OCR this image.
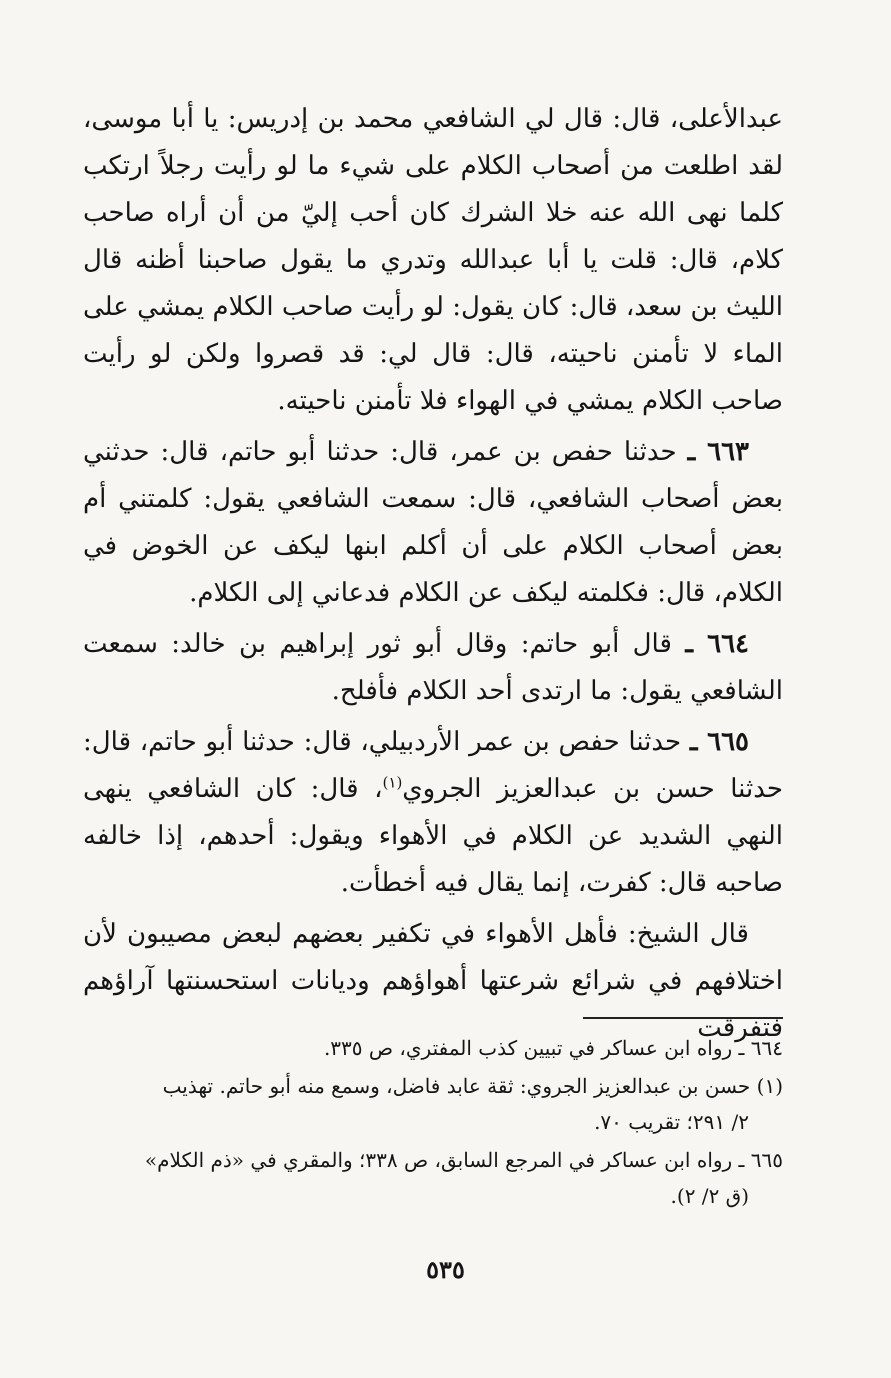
عبدالأعلى، قال: قال لي الشافعي محمد بن إدريس: يا أبا موسى، لقد اطلعت من أصحاب الكلام على شيء ما لو رأيت رجلاً ارتكب كلما نهى الله عنه خلا الشرك كان أحب إليّ من أن أراه صاحب كلام، قال: قلت يا أبا عبدالله وتدري ما يقول صاحبنا أظنه قال الليث بن سعد، قال: كان يقول: لو رأيت صاحب الكلام يمشي على الماء لا تأمنن ناحيته، قال: قال لي: قد قصروا ولكن لو رأيت صاحب الكلام يمشي في الهواء فلا تأمنن ناحيته.

٦٦٣ ـ حدثنا حفص بن عمر، قال: حدثنا أبو حاتم، قال: حدثني بعض أصحاب الشافعي، قال: سمعت الشافعي يقول: كلمتني أم بعض أصحاب الكلام على أن أكلم ابنها ليكف عن الخوض في الكلام، قال: فكلمته ليكف عن الكلام فدعاني إلى الكلام.

٦٦٤ ـ قال أبو حاتم: وقال أبو ثور إبراهيم بن خالد: سمعت الشافعي يقول: ما ارتدى أحد الكلام فأفلح.

٦٦٥ ـ حدثنا حفص بن عمر الأردبيلي، قال: حدثنا أبو حاتم، قال: حدثنا حسن بن عبدالعزيز الجروي$^{(١)}$، قال: كان الشافعي ينهى النهي الشديد عن الكلام في الأهواء ويقول: أحدهم، إذا خالفه صاحبه قال: كفرت، إنما يقال فيه أخطأت.

قال الشيخ: فأهل الأهواء في تكفير بعضهم لبعض مصيبون لأن اختلافهم في شرائع شرعتها أهواؤهم وديانات استحسنتها آراؤهم فتفرقت

٦٦٤ ـ رواه ابن عساكر في تبيين كذب المفتري، ص ٣٣٥.

(١) حسن بن عبدالعزيز الجروي: ثقة عابد فاضل، وسمع منه أبو حاتم. تهذيب
٢/ ٢٩١؛ تقريب ٧٠.

٦٦٥ ـ رواه ابن عساكر في المرجع السابق، ص ٣٣٨؛ والمقري في «ذم الكلام»
(ق ٢/ ٢).

٥٣٥
